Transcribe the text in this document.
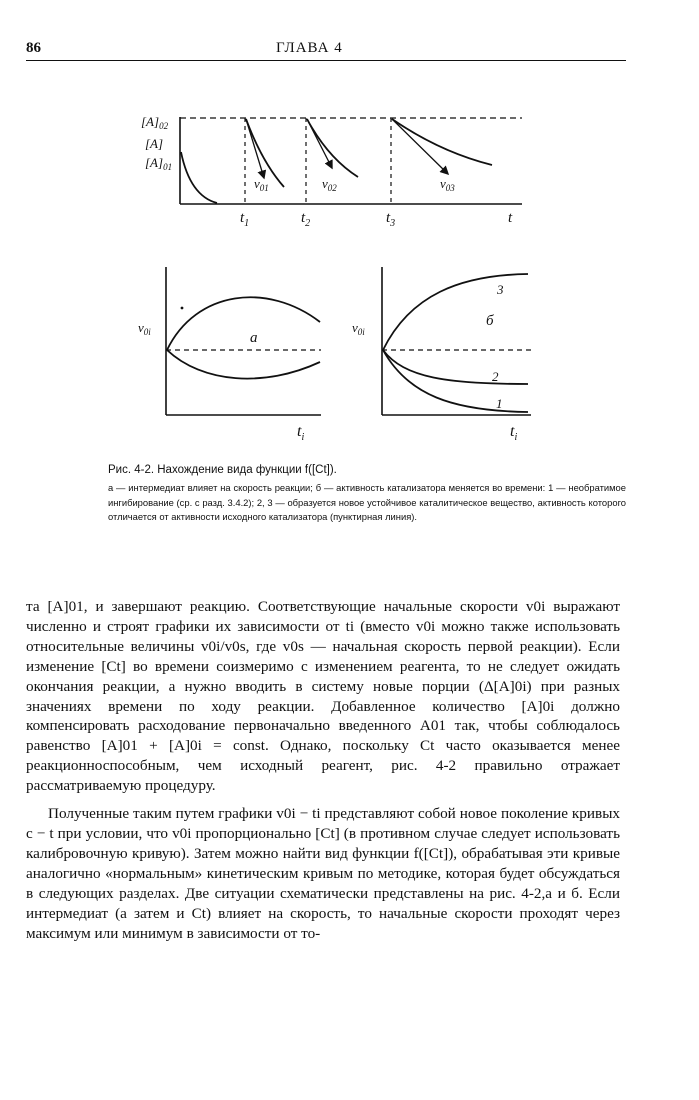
86	ГЛАВА 4
$[A]_{02}$
[A]
$[A]_{01}$
$v_{01}$	$v_{02}$	$v_{03}$
$t_1$	$t_2$	$t_3$	t
$v_{0i}$	а
$t_i$
$v_{0i}$
б
3
2
1
$t_i$
Рис. 4-2. Нахождение вида функции f([Ct]).
а — интермедиат влияет на скорость реакции; б — активность катализатора меняется во времени: 1 — необратимое ингибирование (ср. с разд. 3.4.2); 2, 3 — образуется новое устойчивое каталитическое вещество, активность которого отличается от активности исходного катализатора (пунктирная линия).

та [A]01, и завершают реакцию. Соответствующие начальные скорости v0i выражают численно и строят графики их зависимости от ti (вместо v0i можно также использовать относительные величины v0i/v0s, где v0s — начальная скорость первой реакции). Если изменение [Ct] во времени соизмеримо с изменением реагента, то не следует ожидать окончания реакции, а нужно вводить в систему новые порции (Δ[A]0i) при разных значениях времени по ходу реакции. Добавленное количество [A]0i должно компенсировать расходование первоначально введенного A01 так, чтобы соблюдалось равенство [A]01 + [A]0i = const. Однако, поскольку Ct часто оказывается менее реакционноспособным, чем исходный реагент, рис. 4-2 правильно отражает рассматриваемую процедуру.

Полученные таким путем графики v0i − ti представляют собой новое поколение кривых c − t при условии, что v0i пропорционально [Ct] (в противном случае следует использовать калибровочную кривую). Затем можно найти вид функции f([Ct]), обрабатывая эти кривые аналогично «нормальным» кинетическим кривым по методике, которая будет обсуждаться в следующих разделах. Две ситуации схематически представлены на рис. 4-2,а и б. Если интермедиат (а затем и Ct) влияет на скорость, то начальные скорости проходят через максимум или минимум в зависимости от то-
